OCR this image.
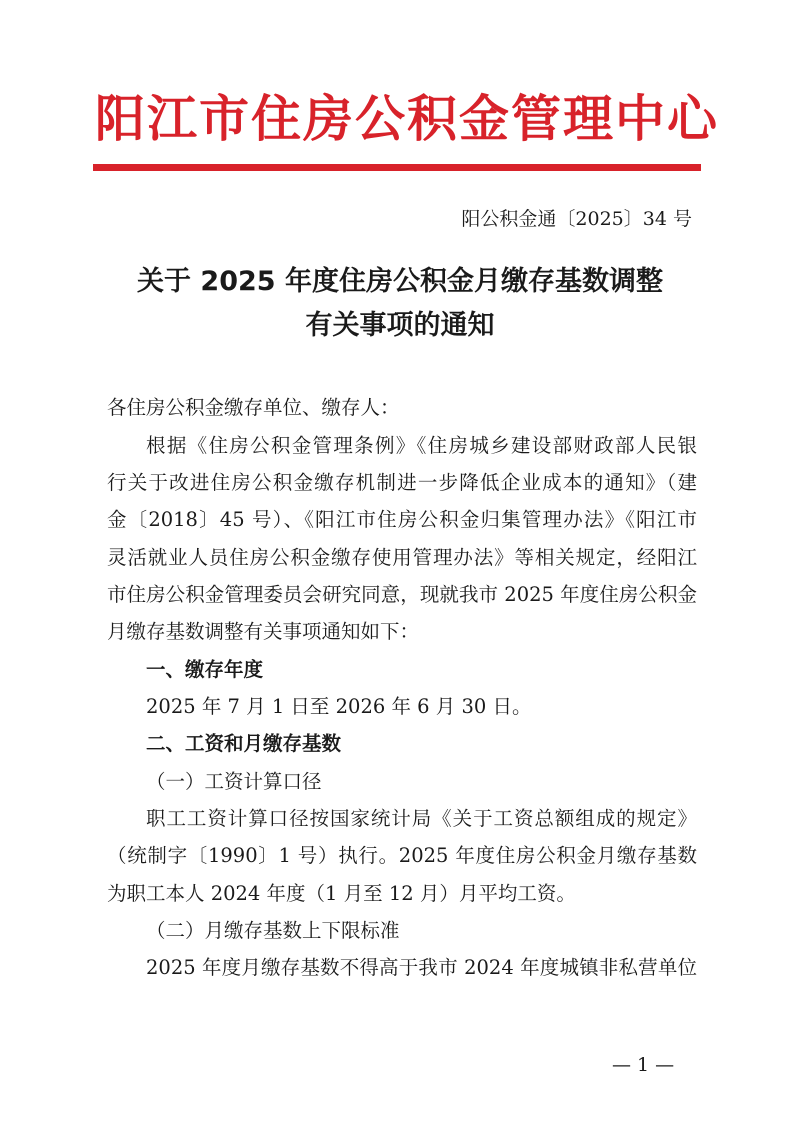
阳江市住房公积金管理中心
阳公积金通〔2025〕34 号
关于 2025 年度住房公积金月缴存基数调整
有关事项的通知
各住房公积金缴存单位、缴存人：
根据《住房公积金管理条例》《住房城乡建设部财政部人民银
行关于改进住房公积金缴存机制进一步降低企业成本的通知》（建
金〔2018〕45 号）、《阳江市住房公积金归集管理办法》《阳江市
灵活就业人员住房公积金缴存使用管理办法》等相关规定，经阳江
市住房公积金管理委员会研究同意，现就我市 2025 年度住房公积金
月缴存基数调整有关事项通知如下：
一、缴存年度
2025 年 7 月 1 日至 2026 年 6 月 30 日。
二、工资和月缴存基数
（一）工资计算口径
职工工资计算口径按国家统计局《关于工资总额组成的规定》
（统制字〔1990〕1 号）执行。2025 年度住房公积金月缴存基数
为职工本人 2024 年度（1 月至 12 月）月平均工资。
（二）月缴存基数上下限标准
2025 年度月缴存基数不得高于我市 2024 年度城镇非私营单位
— 1 —
